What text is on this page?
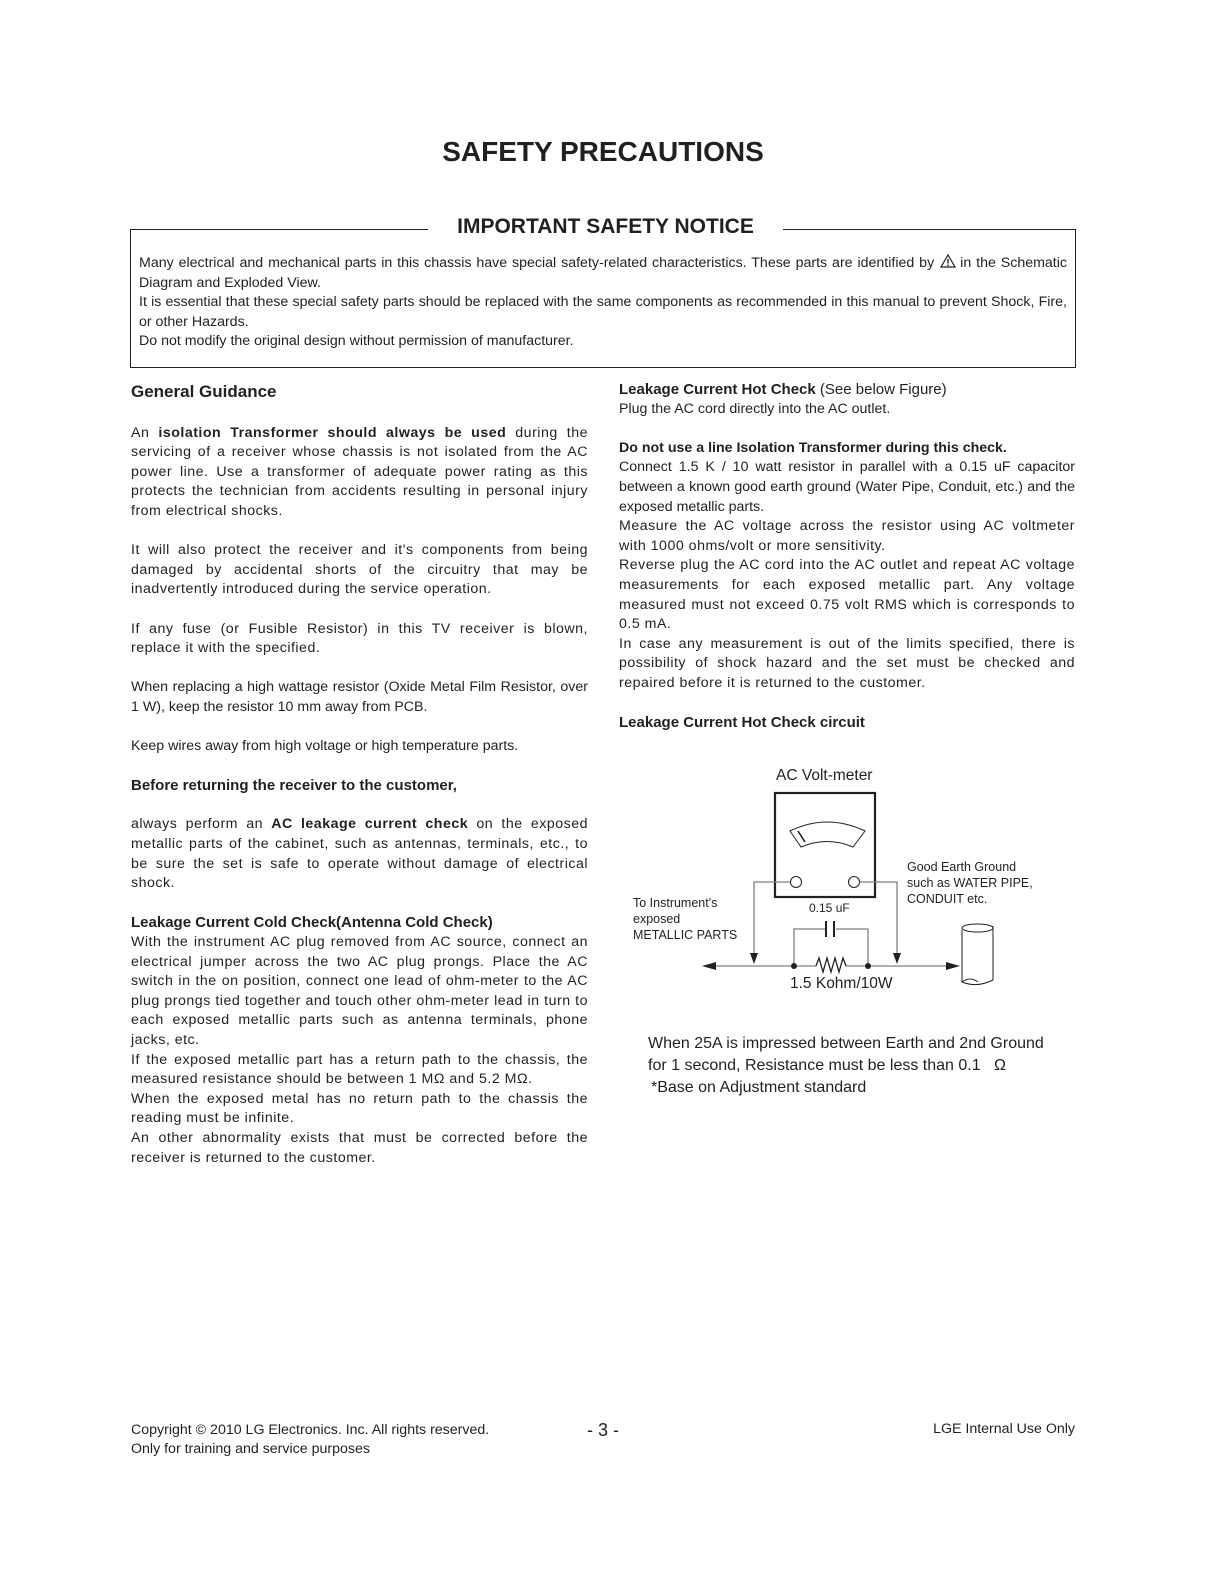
SAFETY PRECAUTIONS
IMPORTANT SAFETY NOTICE

Many electrical and mechanical parts in this chassis have special safety-related characteristics. These parts are identified by in the Schematic Diagram and Exploded View.

It is essential that these special safety parts should be replaced with the same components as recommended in this manual to prevent Shock, Fire, or other Hazards.

Do not modify the original design without permission of manufacturer.

General Guidance

An isolation Transformer should always be used during the servicing of a receiver whose chassis is not isolated from the AC power line. Use a transformer of adequate power rating as this protects the technician from accidents resulting in personal injury from electrical shocks.

It will also protect the receiver and it's components from being damaged by accidental shorts of the circuitry that may be inadvertently introduced during the service operation.

If any fuse (or Fusible Resistor) in this TV receiver is blown, replace it with the specified.

When replacing a high wattage resistor (Oxide Metal Film Resistor, over 1 W), keep the resistor 10 mm away from PCB.

Keep wires away from high voltage or high temperature parts.

Before returning the receiver to the customer,

always perform an AC leakage current check on the exposed metallic parts of the cabinet, such as antennas, terminals, etc., to be sure the set is safe to operate without damage of electrical shock.

Leakage Current Cold Check(Antenna Cold Check)

With the instrument AC plug removed from AC source, connect an electrical jumper across the two AC plug prongs. Place the AC switch in the on position, connect one lead of ohm-meter to the AC plug prongs tied together and touch other ohm-meter lead in turn to each exposed metallic parts such as antenna terminals, phone jacks, etc.

If the exposed metallic part has a return path to the chassis, the measured resistance should be between 1 MΩ and 5.2 MΩ.

When the exposed metal has no return path to the chassis the reading must be infinite.

An other abnormality exists that must be corrected before the receiver is returned to the customer.

Leakage Current Hot Check (See below Figure)

Plug the AC cord directly into the AC outlet.

Do not use a line Isolation Transformer during this check.

Connect 1.5 K / 10 watt resistor in parallel with a 0.15 uF capacitor between a known good earth ground (Water Pipe, Conduit, etc.) and the exposed metallic parts.

Measure the AC voltage across the resistor using AC voltmeter with 1000 ohms/volt or more sensitivity.

Reverse plug the AC cord into the AC outlet and repeat AC voltage measurements for each exposed metallic part. Any voltage measured must not exceed 0.75 volt RMS which is corresponds to 0.5 mA.

In case any measurement is out of the limits specified, there is possibility of shock hazard and the set must be checked and repaired before it is returned to the customer.

Leakage Current Hot Check circuit

AC Volt-meter
To Instrument's
exposed
METALLIC PARTS
0.15 uF
1.5 Kohm/10W
Good Earth Ground
such as WATER PIPE,
CONDUIT etc.

When 25A is impressed between Earth and 2nd Ground

for 1 second, Resistance must be less than 0.1 Ω

*Base on Adjustment standard

Copyright © 2010 LG Electronics. Inc. All rights reserved.

Only for training and service purposes

- 3 -	LGE Internal Use Only
